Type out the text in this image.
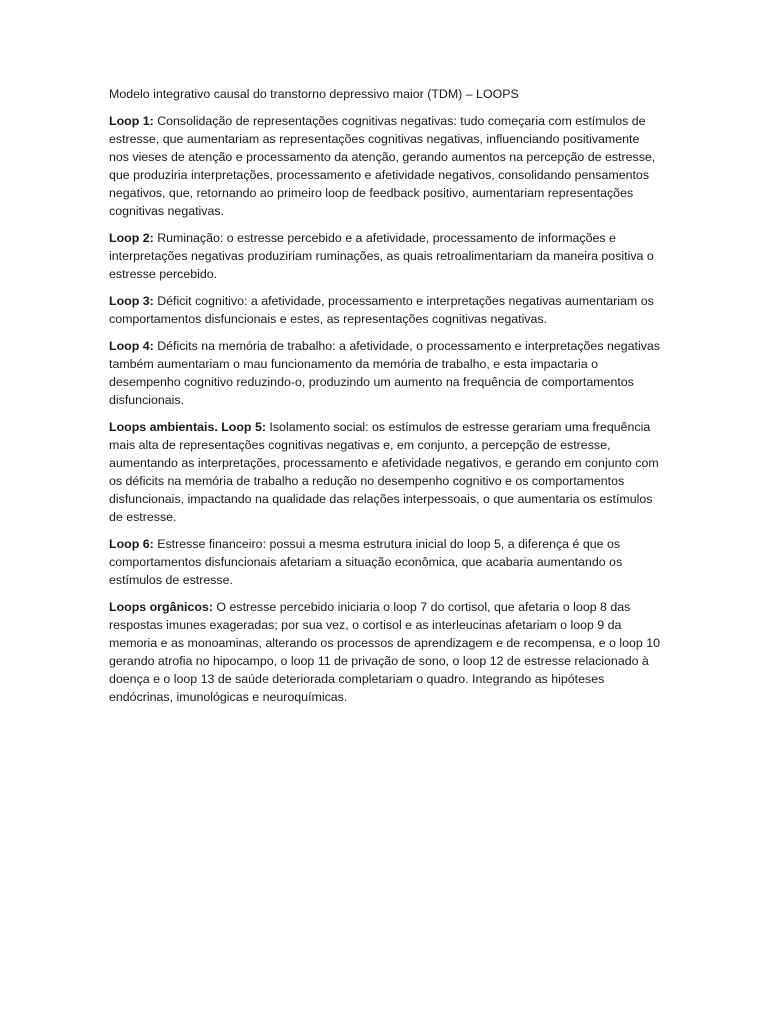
Modelo integrativo causal do transtorno depressivo maior (TDM) – LOOPS

Loop 1: Consolidação de representações cognitivas negativas: tudo começaria com estímulos de estresse, que aumentariam as representações cognitivas negativas, influenciando positivamente nos vieses de atenção e processamento da atenção, gerando aumentos na percepção de estresse, que produziria interpretações, processamento e afetividade negativos, consolidando pensamentos negativos, que, retornando ao primeiro loop de feedback positivo, aumentariam representações cognitivas negativas.

Loop 2: Ruminação: o estresse percebido e a afetividade, processamento de informações e interpretações negativas produziriam ruminações, as quais retroalimentariam da maneira positiva o estresse percebido.

Loop 3: Déficit cognitivo: a afetividade, processamento e interpretações negativas aumentariam os comportamentos disfuncionais e estes, as representações cognitivas negativas.

Loop 4: Déficits na memória de trabalho: a afetividade, o processamento e interpretações negativas também aumentariam o mau funcionamento da memória de trabalho, e esta impactaria o desempenho cognitivo reduzindo-o, produzindo um aumento na frequência de comportamentos disfuncionais.

Loops ambientais. Loop 5: Isolamento social: os estímulos de estresse gerariam uma frequência mais alta de representações cognitivas negativas e, em conjunto, a percepção de estresse, aumentando as interpretações, processamento e afetividade negativos, e gerando em conjunto com os déficits na memória de trabalho a redução no desempenho cognitivo e os comportamentos disfuncionais, impactando na qualidade das relações interpessoais, o que aumentaria os estímulos de estresse.

Loop 6: Estresse financeiro: possui a mesma estrutura inicial do loop 5, a diferença é que os comportamentos disfuncionais afetariam a situação econômica, que acabaria aumentando os estímulos de estresse.

Loops orgânicos: O estresse percebido iniciaria o loop 7 do cortisol, que afetaria o loop 8 das respostas imunes exageradas; por sua vez, o cortisol e as interleucinas afetariam o loop 9 da memoria e as monoaminas, alterando os processos de aprendizagem e de recompensa, e o loop 10 gerando atrofia no hipocampo, o loop 11 de privação de sono, o loop 12 de estresse relacionado à doença e o loop 13 de saúde deteriorada completariam o quadro. Integrando as hipóteses endócrinas, imunológicas e neuroquímicas.
